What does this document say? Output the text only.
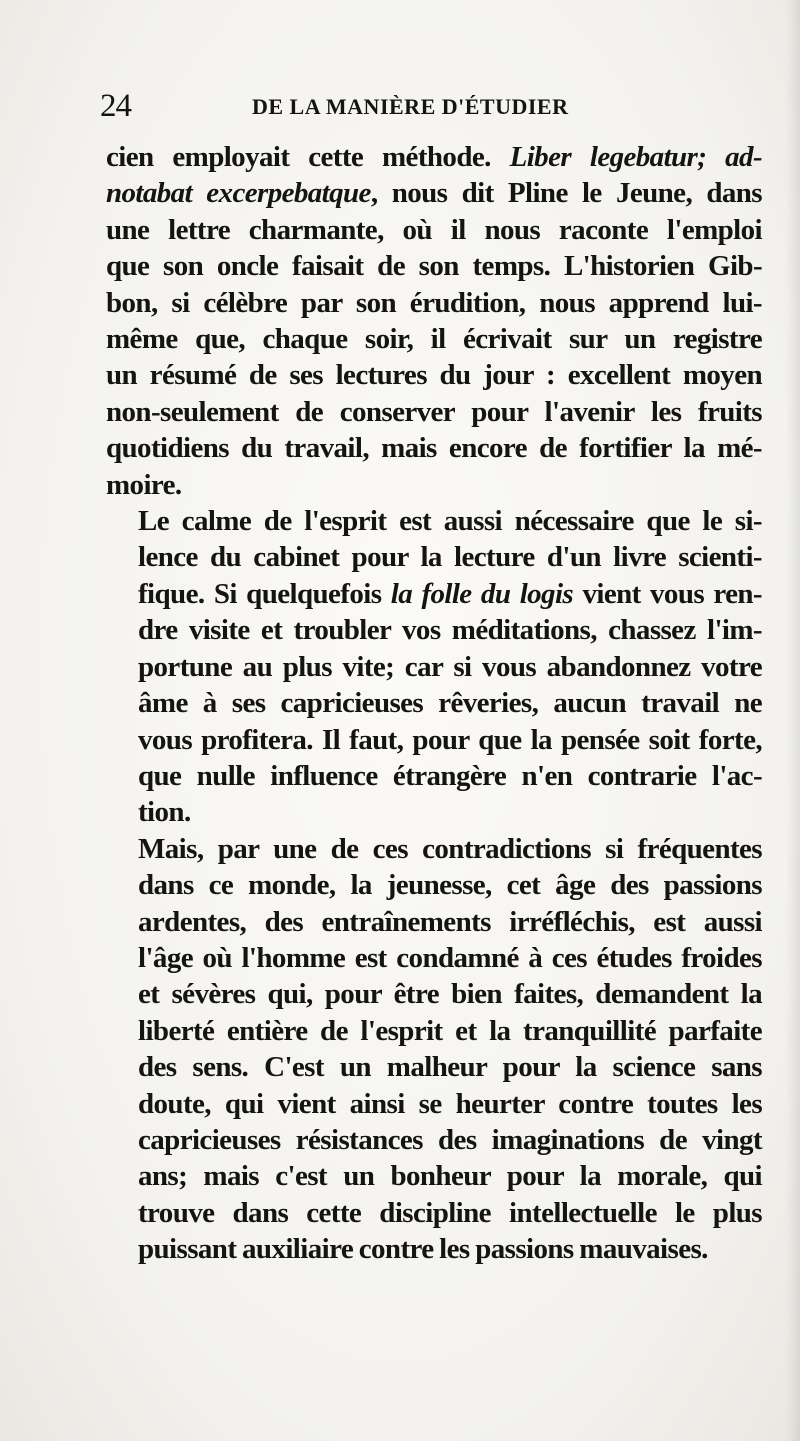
24	DE LA MANIÈRE D'ÉTUDIER
cien employait cette méthode. Liber legebatur; ad-
notabat excerpebatque, nous dit Pline le Jeune, dans
une lettre charmante, où il nous raconte l'emploi
que son oncle faisait de son temps. L'historien Gib-
bon, si célèbre par son érudition, nous apprend lui-
même que, chaque soir, il écrivait sur un registre
un résumé de ses lectures du jour : excellent moyen
non-seulement de conserver pour l'avenir les fruits
quotidiens du travail, mais encore de fortifier la mé-
moire.
Le calme de l'esprit est aussi nécessaire que le si-
lence du cabinet pour la lecture d'un livre scienti-
fique. Si quelquefois la folle du logis vient vous ren-
dre visite et troubler vos méditations, chassez l'im-
portune au plus vite; car si vous abandonnez votre
âme à ses capricieuses rêveries, aucun travail ne
vous profitera. Il faut, pour que la pensée soit forte,
que nulle influence étrangère n'en contrarie l'ac-
tion.
Mais, par une de ces contradictions si fréquentes
dans ce monde, la jeunesse, cet âge des passions
ardentes, des entraînements irréfléchis, est aussi
l'âge où l'homme est condamné à ces études froides
et sévères qui, pour être bien faites, demandent la
liberté entière de l'esprit et la tranquillité parfaite
des sens. C'est un malheur pour la science sans
doute, qui vient ainsi se heurter contre toutes les
capricieuses résistances des imaginations de vingt
ans; mais c'est un bonheur pour la morale, qui
trouve dans cette discipline intellectuelle le plus
puissant auxiliaire contre les passions mauvaises.
